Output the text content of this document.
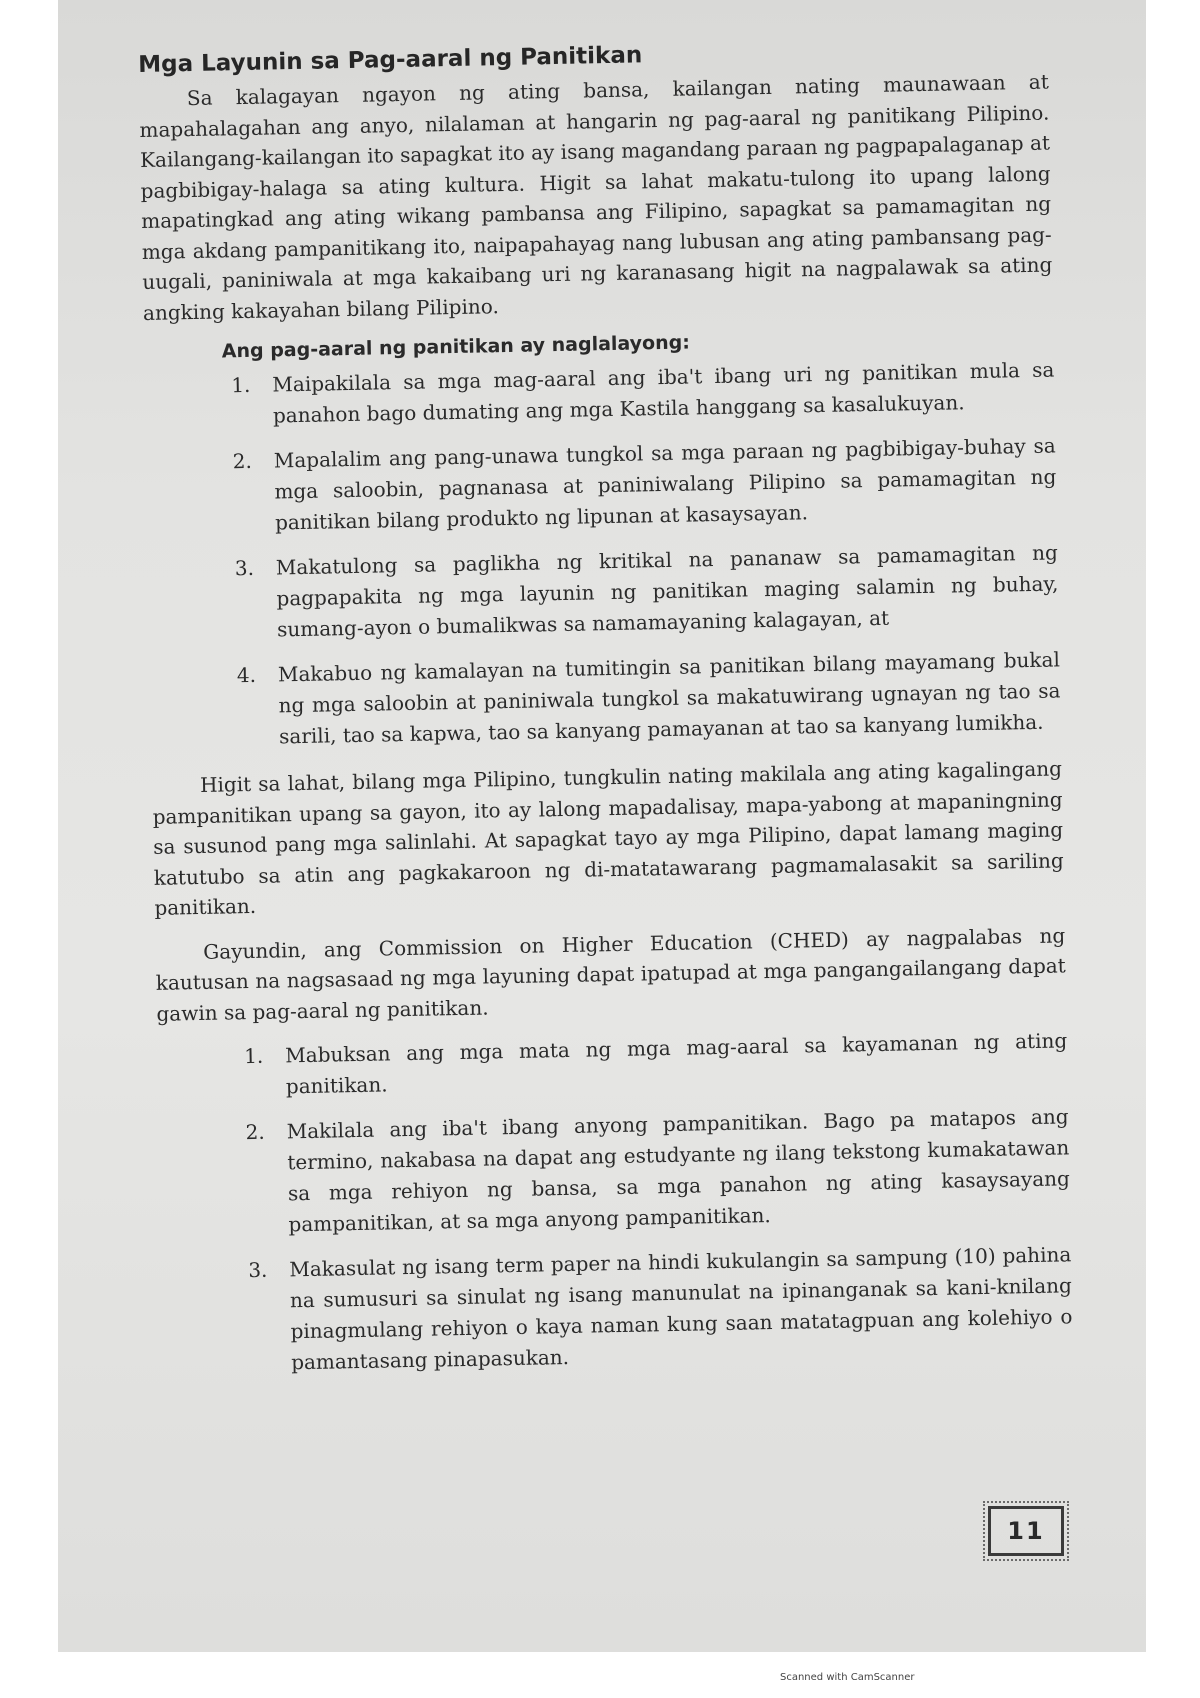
Mga Layunin sa Pag-aaral ng Panitikan

Sa kalagayan ngayon ng ating bansa, kailangan nating maunawaan at mapahalagahan ang anyo, nilalaman at hangarin ng pag-aaral ng panitikang Pilipino. Kailangang-kailangan ito sapagkat ito ay isang magandang paraan ng pagpapalaganap at pagbibigay-halaga sa ating kultura. Higit sa lahat makatu-tulong ito upang lalong mapatingkad ang ating wikang pambansa ang Filipino, sapagkat sa pamamagitan ng mga akdang pampanitikang ito, naipapahayag nang lubusan ang ating pambansang pag-uugali, paniniwala at mga kakaibang uri ng karanasang higit na nagpalawak sa ating angking kakayahan bilang Pilipino.

Ang pag-aaral ng panitikan ay naglalayong:
1.	Maipakilala sa mga mag-aaral ang iba't ibang uri ng panitikan mula sa panahon bago dumating ang mga Kastila hanggang sa kasalukuyan.
2.	Mapalalim ang pang-unawa tungkol sa mga paraan ng pagbibigay-buhay sa mga saloobin, pagnanasa at paniniwalang Pilipino sa pamamagitan ng panitikan bilang produkto ng lipunan at kasaysayan.
3.	Makatulong sa paglikha ng kritikal na pananaw sa pamamagitan ng pagpapakita ng mga layunin ng panitikan maging salamin ng buhay, sumang-ayon o bumalikwas sa namamayaning kalagayan, at
4.	Makabuo ng kamalayan na tumitingin sa panitikan bilang mayamang bukal ng mga saloobin at paniniwala tungkol sa makatuwirang ugnayan ng tao sa sarili, tao sa kapwa, tao sa kanyang pamayanan at tao sa kanyang lumikha.

Higit sa lahat, bilang mga Pilipino, tungkulin nating makilala ang ating kagalingang pampanitikan upang sa gayon, ito ay lalong mapadalisay, mapa-yabong at mapaningning sa susunod pang mga salinlahi. At sapagkat tayo ay mga Pilipino, dapat lamang maging katutubo sa atin ang pagkakaroon ng di-matatawarang pagmamalasakit sa sariling panitikan.

Gayundin, ang Commission on Higher Education (CHED) ay nagpalabas ng kautusan na nagsasaad ng mga layuning dapat ipatupad at mga pangangailangang dapat gawin sa pag-aaral ng panitikan.

1.	Mabuksan ang mga mata ng mga mag-aaral sa kayamanan ng ating panitikan.
2.	Makilala ang iba't ibang anyong pampanitikan. Bago pa matapos ang termino, nakabasa na dapat ang estudyante ng ilang tekstong kumakatawan sa mga rehiyon ng bansa, sa mga panahon ng ating kasaysayang pampanitikan, at sa mga anyong pampanitikan.
3.	Makasulat ng isang term paper na hindi kukulangin sa sampung (10) pahina na sumusuri sa sinulat ng isang manunulat na ipinanganak sa kani-knilang pinagmulang rehiyon o kaya naman kung saan matatagpuan ang kolehiyo o pamantasang pinapasukan.
11
Scanned with CamScanner
